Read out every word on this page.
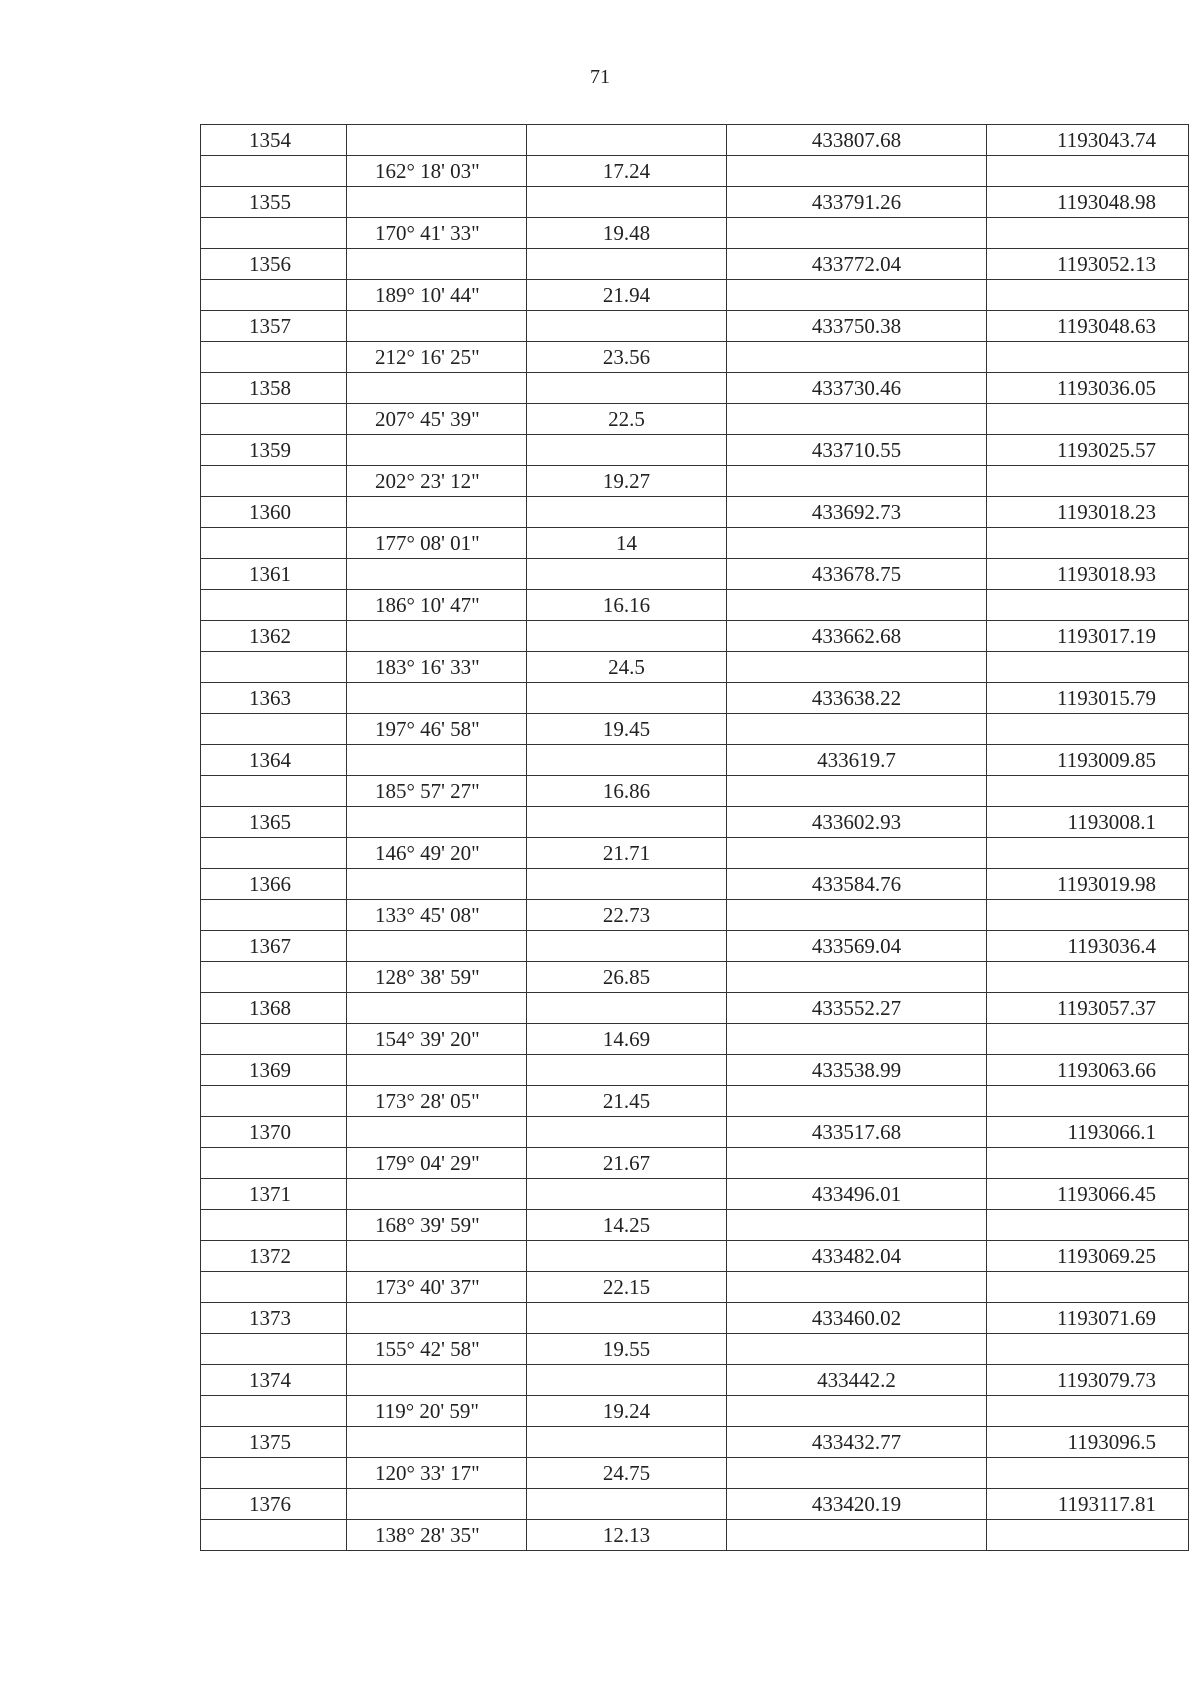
71
1354			433807.68	1193043.74
	162° 18' 03"	17.24		
1355			433791.26	1193048.98
	170° 41' 33"	19.48		
1356			433772.04	1193052.13
	189° 10' 44"	21.94		
1357			433750.38	1193048.63
	212° 16' 25"	23.56		
1358			433730.46	1193036.05
	207° 45' 39"	22.5		
1359			433710.55	1193025.57
	202° 23' 12"	19.27		
1360			433692.73	1193018.23
	177° 08' 01"	14		
1361			433678.75	1193018.93
	186° 10' 47"	16.16		
1362			433662.68	1193017.19
	183° 16' 33"	24.5		
1363			433638.22	1193015.79
	197° 46' 58"	19.45		
1364			433619.7	1193009.85
	185° 57' 27"	16.86		
1365			433602.93	1193008.1
	146° 49' 20"	21.71		
1366			433584.76	1193019.98
	133° 45' 08"	22.73		
1367			433569.04	1193036.4
	128° 38' 59"	26.85		
1368			433552.27	1193057.37
	154° 39' 20"	14.69		
1369			433538.99	1193063.66
	173° 28' 05"	21.45		
1370			433517.68	1193066.1
	179° 04' 29"	21.67		
1371			433496.01	1193066.45
	168° 39' 59"	14.25		
1372			433482.04	1193069.25
	173° 40' 37"	22.15		
1373			433460.02	1193071.69
	155° 42' 58"	19.55		
1374			433442.2	1193079.73
	119° 20' 59"	19.24		
1375			433432.77	1193096.5
	120° 33' 17"	24.75		
1376			433420.19	1193117.81
	138° 28' 35"	12.13		
